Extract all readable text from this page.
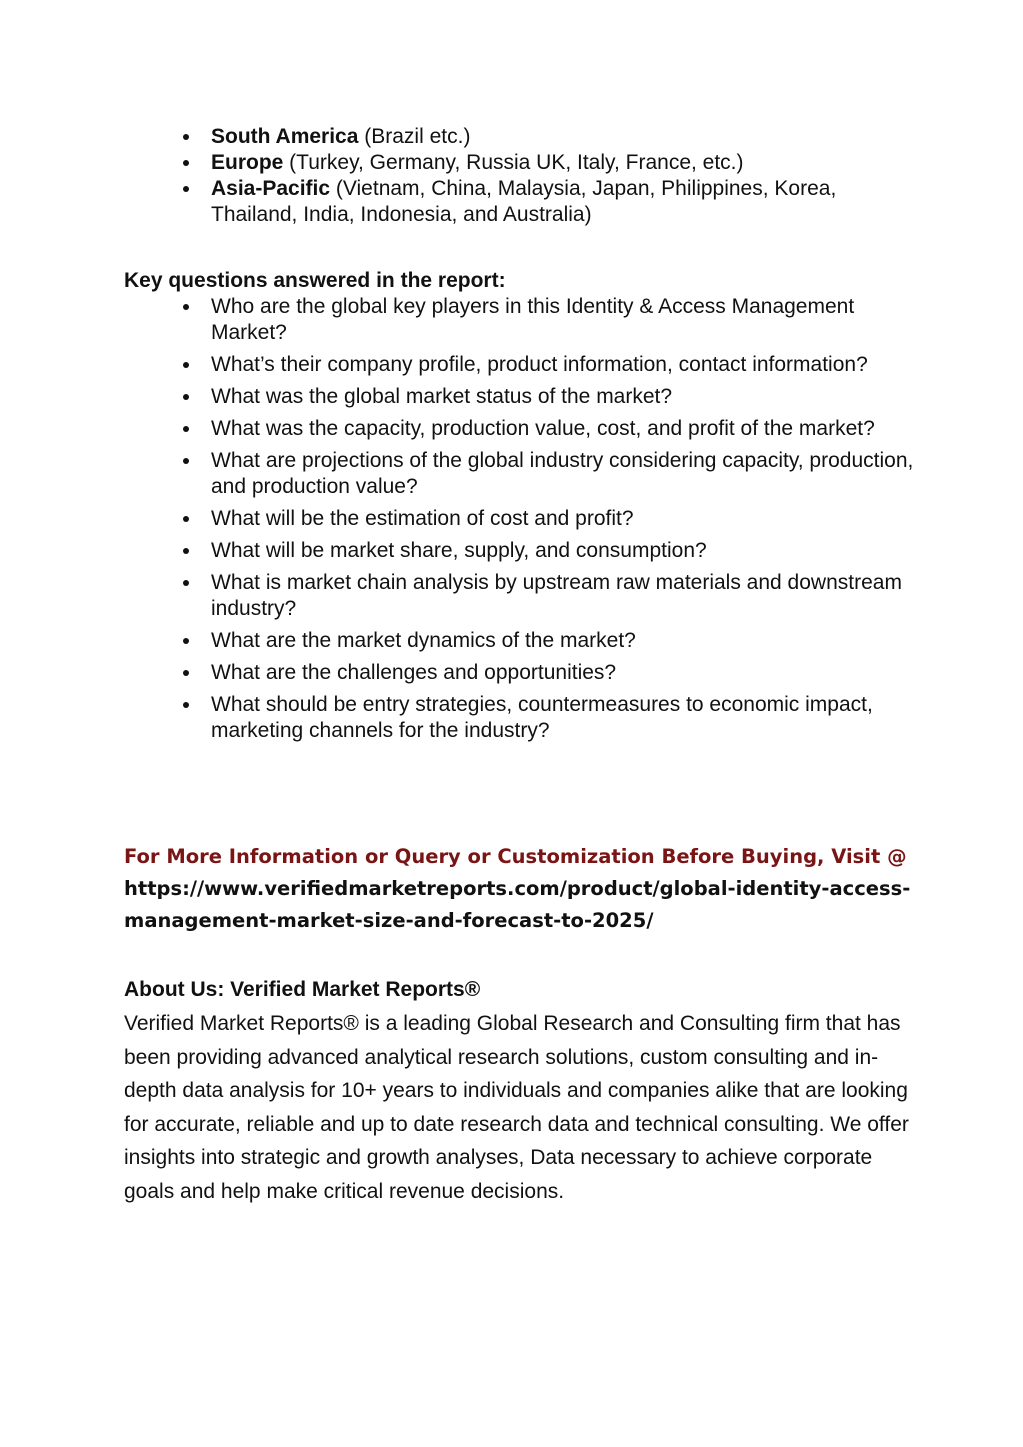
South America (Brazil etc.)
Europe (Turkey, Germany, Russia UK, Italy, France, etc.)
Asia-Pacific (Vietnam, China, Malaysia, Japan, Philippines, Korea, Thailand, India, Indonesia, and Australia)

Key questions answered in the report:

Who are the global key players in this Identity & Access Management Market?
What’s their company profile, product information, contact information?
What was the global market status of the market?
What was the capacity, production value, cost, and profit of the market?
What are projections of the global industry considering capacity, production, and production value?
What will be the estimation of cost and profit?
What will be market share, supply, and consumption?
What is market chain analysis by upstream raw materials and downstream industry?
What are the market dynamics of the market?
What are the challenges and opportunities?
What should be entry strategies, countermeasures to economic impact, marketing channels for the industry?

For More Information or Query or Customization Before Buying, Visit @ https://www.verifiedmarketreports.com/product/global-identity-access-management-market-size-and-forecast-to-2025/

About Us: Verified Market Reports®

Verified Market Reports® is a leading Global Research and Consulting firm that has been providing advanced analytical research solutions, custom consulting and in-depth data analysis for 10+ years to individuals and companies alike that are looking for accurate, reliable and up to date research data and technical consulting. We offer insights into strategic and growth analyses, Data necessary to achieve corporate goals and help make critical revenue decisions.
